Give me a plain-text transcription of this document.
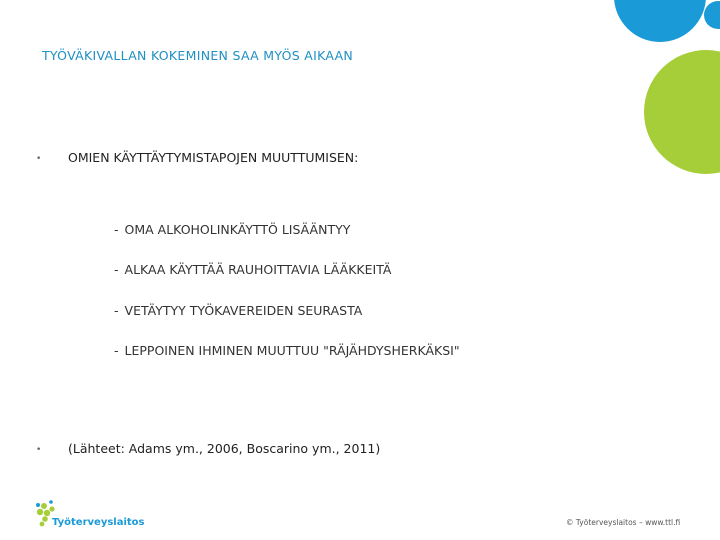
TYÖVÄKIVALLAN KOKEMINEN SAA MYÖS AIKAAN
• OMIEN KÄYTTÄYTYMISTAPOJEN MUUTTUMISEN:
- OMA ALKOHOLINKÄYTTÖ LISÄÄNTYY
- ALKAA KÄYTTÄÄ RAUHOITTAVIA LÄÄKKEITÄ
- VETÄYTYY TYÖKAVEREIDEN SEURASTA
- LEPPOINEN IHMINEN MUUTTUU "RÄJÄHDYSHERKÄKSI"
• (Lähteet: Adams ym., 2006, Boscarino ym., 2011)
Työterveyslaitos	© Työterveyslaitos – www.ttl.fi
